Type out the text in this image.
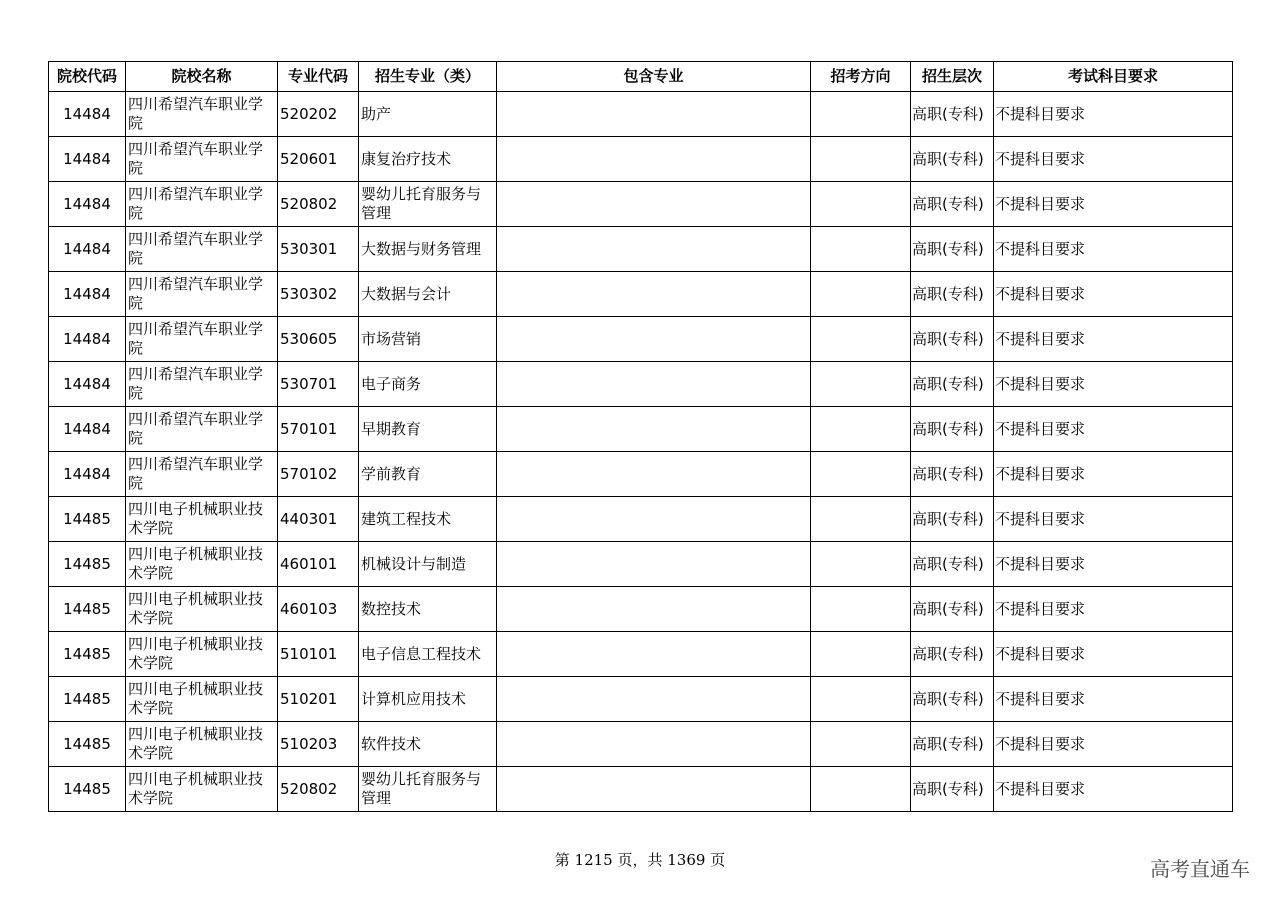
院校代码	院校名称	专业代码	招生专业（类）	包含专业	招考方向	招生层次	考试科目要求
14484	四川希望汽车职业学院	520202	助产			高职(专科)	不提科目要求
14484	四川希望汽车职业学院	520601	康复治疗技术			高职(专科)	不提科目要求
14484	四川希望汽车职业学院	520802	婴幼儿托育服务与管理			高职(专科)	不提科目要求
14484	四川希望汽车职业学院	530301	大数据与财务管理			高职(专科)	不提科目要求
14484	四川希望汽车职业学院	530302	大数据与会计			高职(专科)	不提科目要求
14484	四川希望汽车职业学院	530605	市场营销			高职(专科)	不提科目要求
14484	四川希望汽车职业学院	530701	电子商务			高职(专科)	不提科目要求
14484	四川希望汽车职业学院	570101	早期教育			高职(专科)	不提科目要求
14484	四川希望汽车职业学院	570102	学前教育			高职(专科)	不提科目要求
14485	四川电子机械职业技术学院	440301	建筑工程技术			高职(专科)	不提科目要求
14485	四川电子机械职业技术学院	460101	机械设计与制造			高职(专科)	不提科目要求
14485	四川电子机械职业技术学院	460103	数控技术			高职(专科)	不提科目要求
14485	四川电子机械职业技术学院	510101	电子信息工程技术			高职(专科)	不提科目要求
14485	四川电子机械职业技术学院	510201	计算机应用技术			高职(专科)	不提科目要求
14485	四川电子机械职业技术学院	510203	软件技术			高职(专科)	不提科目要求
14485	四川电子机械职业技术学院	520802	婴幼儿托育服务与管理			高职(专科)	不提科目要求
第 1215 页，共 1369 页	高考直通车
